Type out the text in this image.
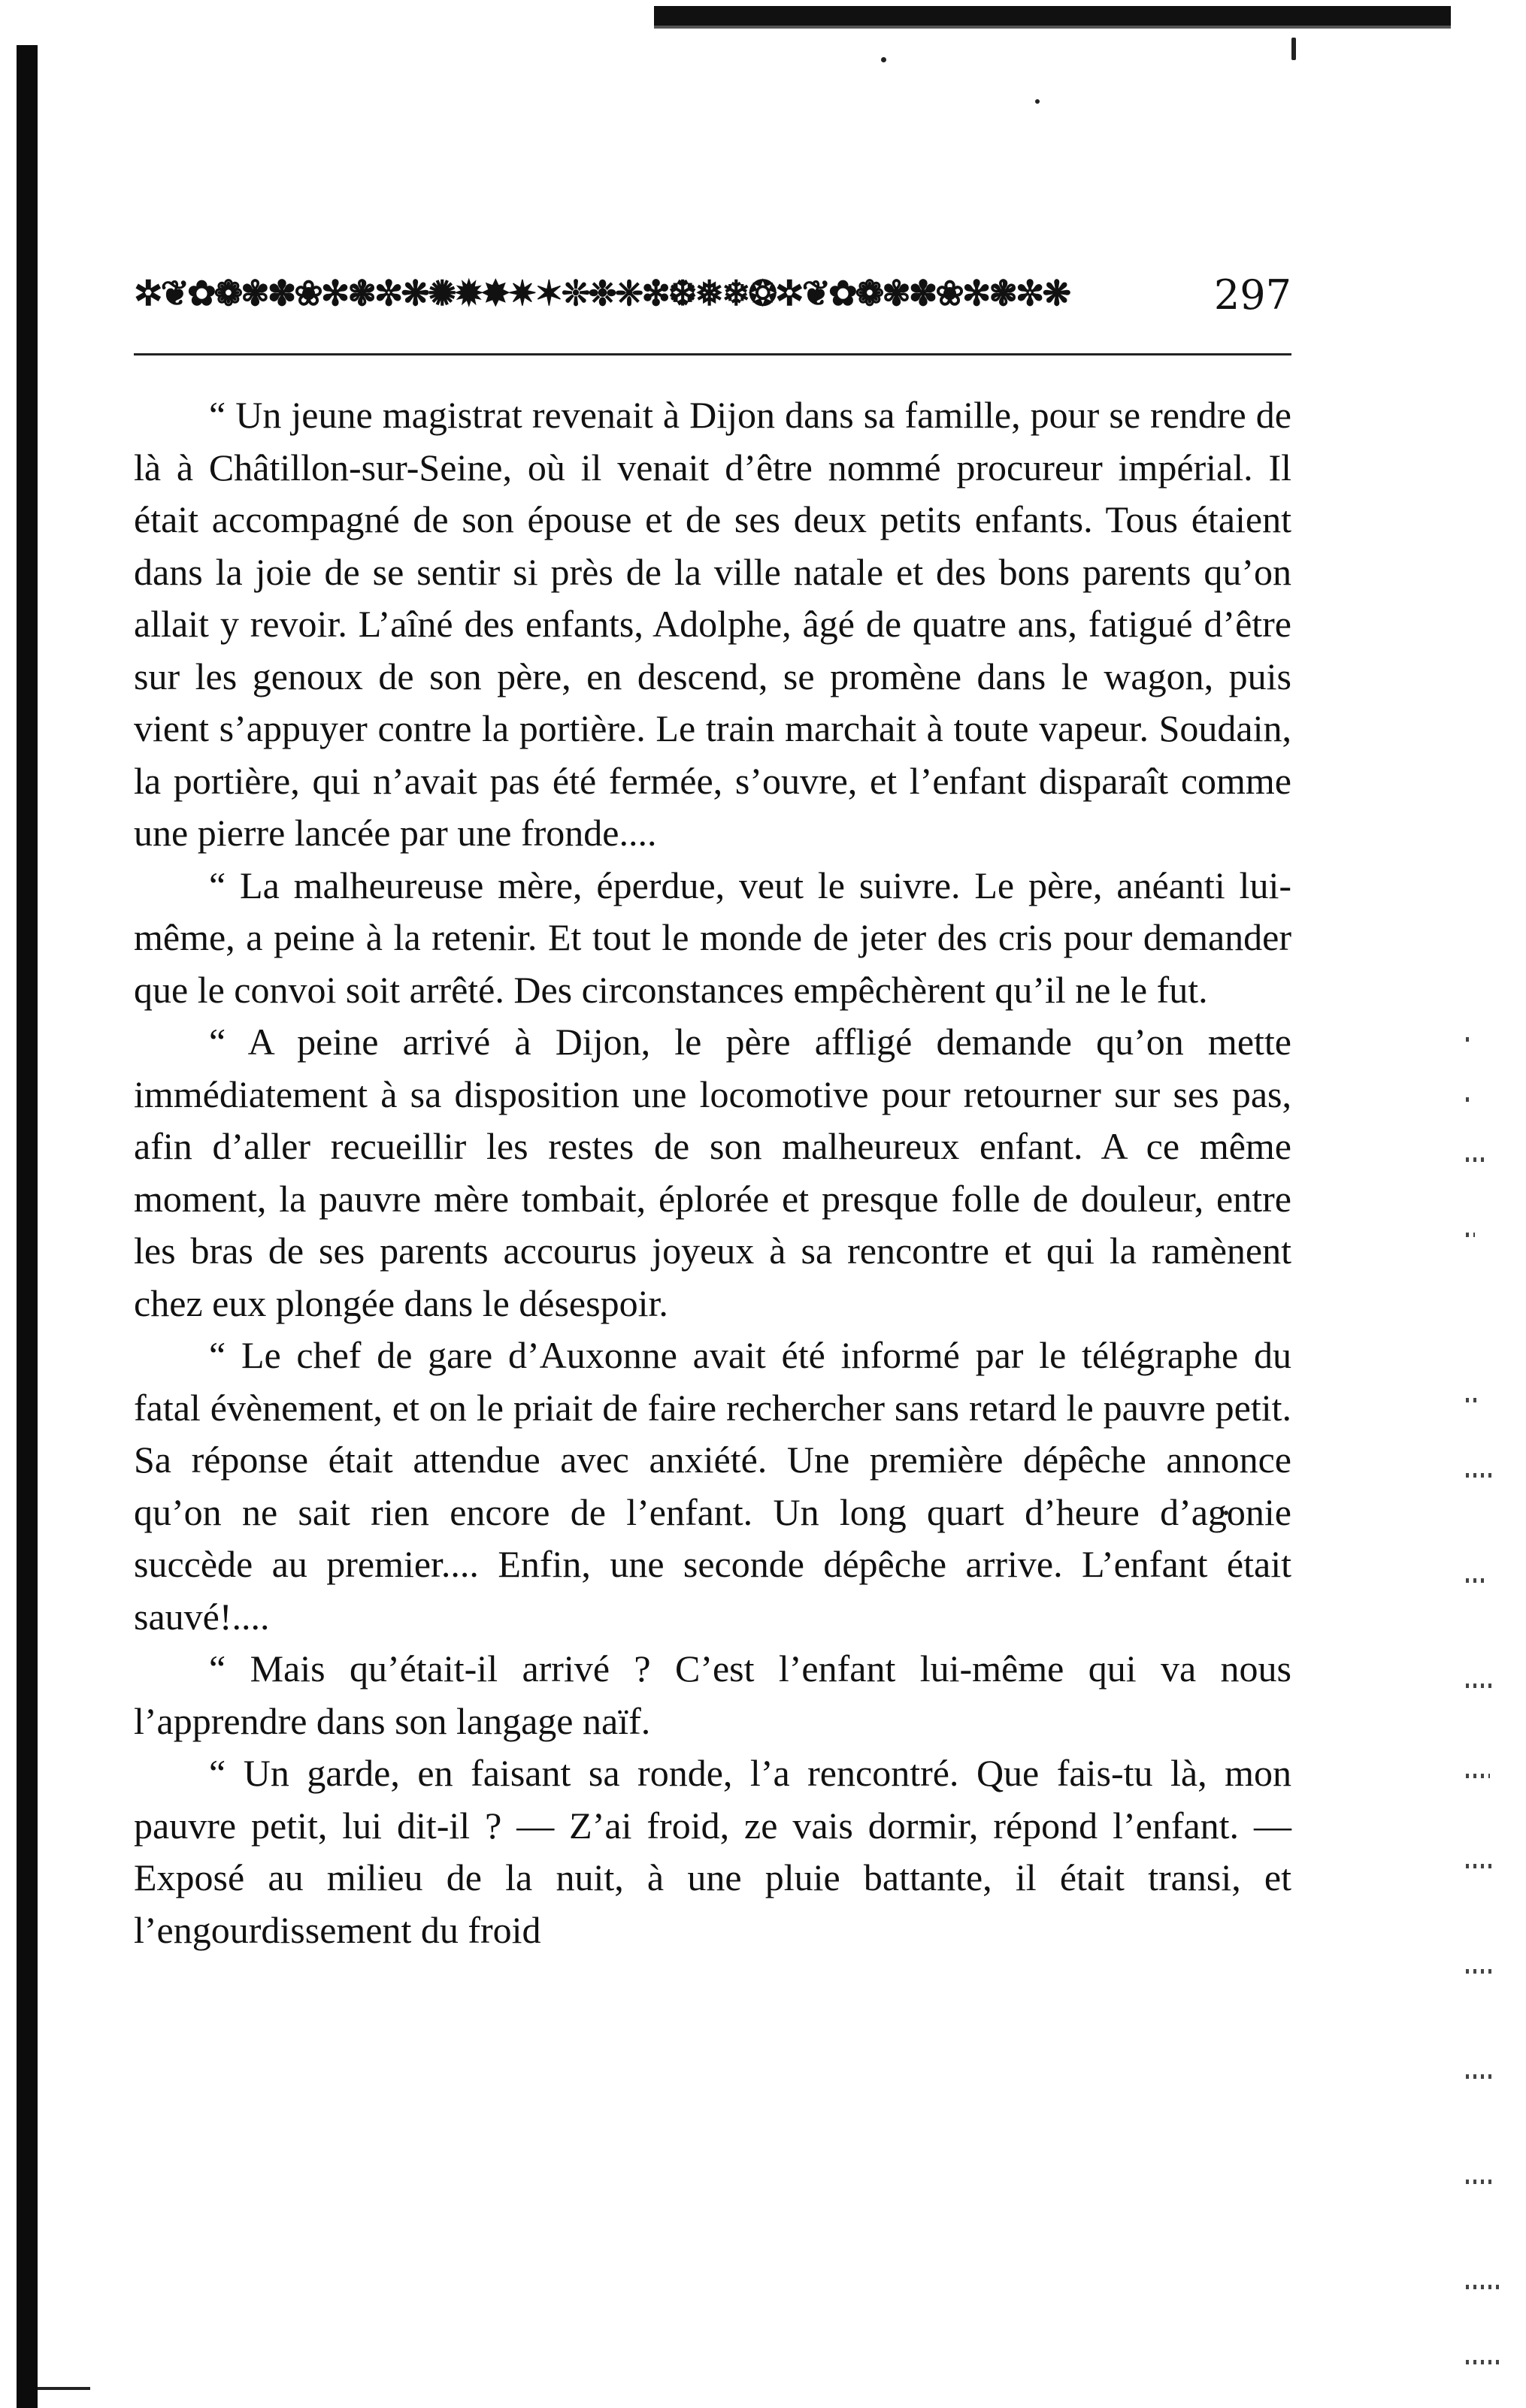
✲❦✿❁✾✽❀✻❃✼❋✺✹✸✷✶❊❉❈❇❆❅❄❂✲❦✿❁✾✽❀✻❃✼❋	297

“ Un jeune magistrat revenait à Dijon dans sa famille, pour se rendre de là à Châtillon-sur-Seine, où il venait d’être nommé procureur impérial. Il était accompagné de son épouse et de ses deux petits enfants. Tous étaient dans la joie de se sentir si près de la ville natale et des bons parents qu’on allait y revoir. L’aîné des enfants, Adolphe, âgé de quatre ans, fatigué d’être sur les genoux de son père, en descend, se promène dans le wagon, puis vient s’appuyer contre la portière. Le train marchait à toute vapeur. Soudain, la portière, qui n’avait pas été fermée, s’ouvre, et l’enfant disparaît comme une pierre lancée par une fronde....

“ La malheureuse mère, éperdue, veut le suivre. Le père, anéanti lui-même, a peine à la retenir. Et tout le monde de jeter des cris pour demander que le convoi soit arrêté. Des circonstances empêchèrent qu’il ne le fut.

“ A peine arrivé à Dijon, le père affligé demande qu’on mette immédiatement à sa disposition une locomotive pour retourner sur ses pas, afin d’aller recueillir les restes de son malheureux enfant. A ce même moment, la pauvre mère tombait, éplorée et presque folle de douleur, entre les bras de ses parents accourus joyeux à sa rencontre et qui la ramènent chez eux plongée dans le désespoir.

“ Le chef de gare d’Auxonne avait été informé par le télégraphe du fatal évènement, et on le priait de faire rechercher sans retard le pauvre petit. Sa réponse était attendue avec anxiété. Une première dépêche annonce qu’on ne sait rien encore de l’enfant. Un long quart d’heure d’agonie succède au premier.... Enfin, une seconde dépêche arrive. L’enfant était sauvé!....

“ Mais qu’était-il arrivé ? C’est l’enfant lui-même qui va nous l’apprendre dans son langage naïf.

“ Un garde, en faisant sa ronde, l’a rencontré. Que fais-tu là, mon pauvre petit, lui dit-il ? — Z’ai froid, ze vais dormir, répond l’enfant. — Exposé au milieu de la nuit, à une pluie battante, il était transi, et l’engourdissement du froid
